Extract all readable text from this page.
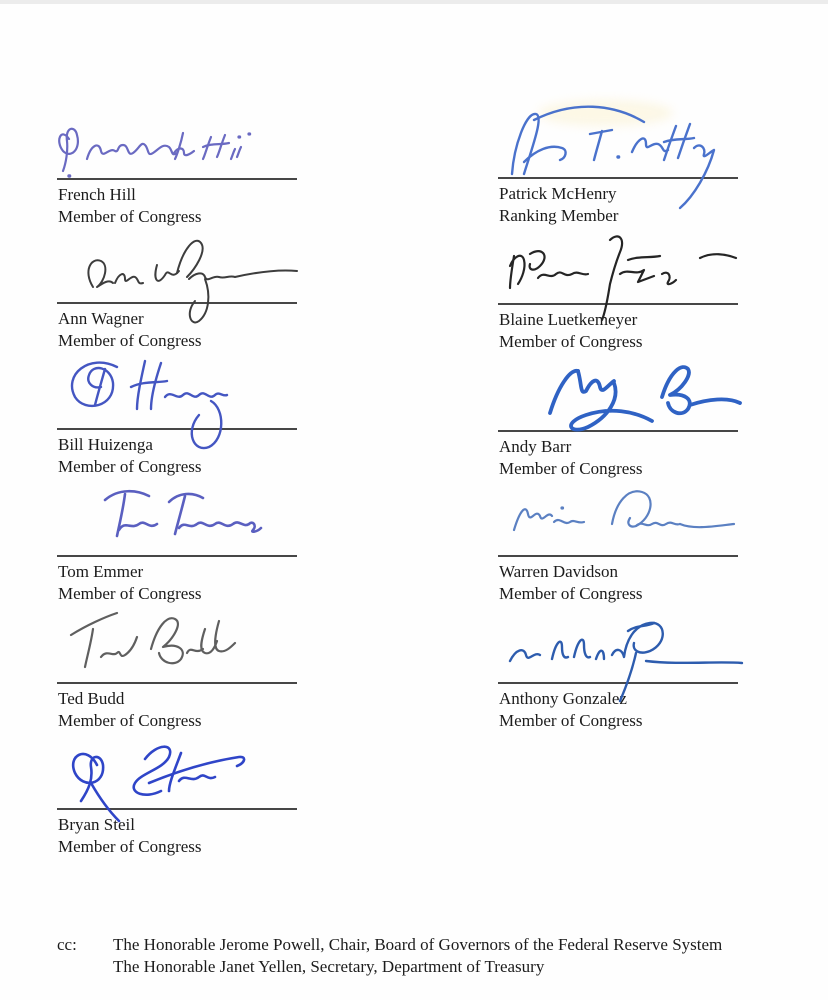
French Hill
Member of Congress
Ann Wagner
Member of Congress
Bill Huizenga
Member of Congress
Tom Emmer
Member of Congress
Ted Budd
Member of Congress
Bryan Steil
Member of Congress
Patrick McHenry
Ranking Member
Blaine Luetkemeyer
Member of Congress
Andy Barr
Member of Congress
Warren Davidson
Member of Congress
Anthony Gonzalez
Member of Congress
cc:	The Honorable Jerome Powell, Chair, Board of Governors of the Federal Reserve System
The Honorable Janet Yellen, Secretary, Department of Treasury
